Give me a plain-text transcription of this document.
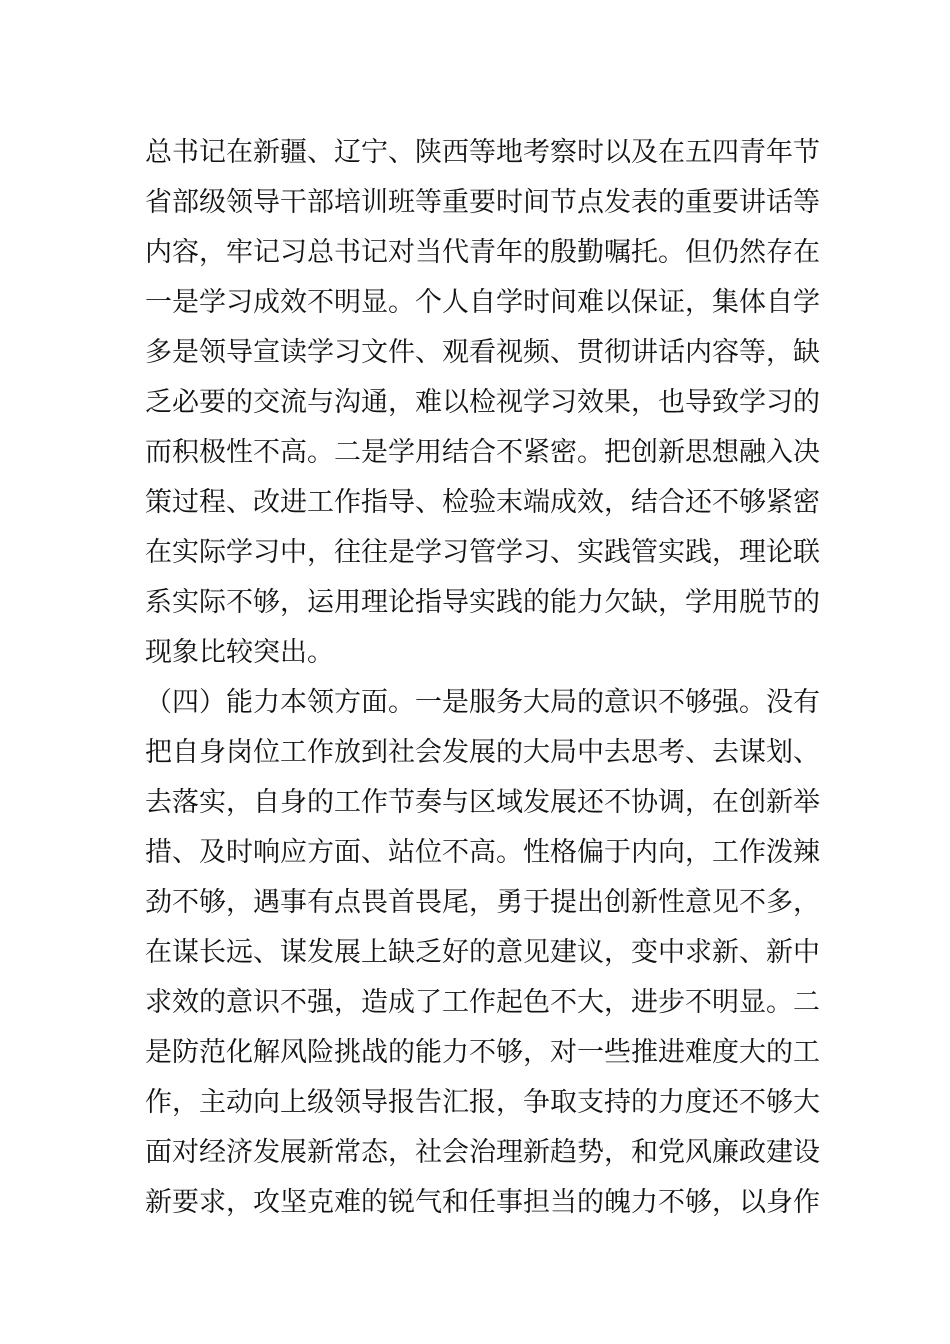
总书记在新疆、辽宁、陕西等地考察时以及在五四青年节
省部级领导干部培训班等重要时间节点发表的重要讲话等
内容，牢记习总书记对当代青年的殷勤嘱托。但仍然存在
一是学习成效不明显。个人自学时间难以保证，集体自学
多是领导宣读学习文件、观看视频、贯彻讲话内容等，缺
乏必要的交流与沟通，难以检视学习效果，也导致学习的
而积极性不高。二是学用结合不紧密。把创新思想融入决
策过程、改进工作指导、检验末端成效，结合还不够紧密
在实际学习中，往往是学习管学习、实践管实践，理论联
系实际不够，运用理论指导实践的能力欠缺，学用脱节的
现象比较突出。
（四）能力本领方面。一是服务大局的意识不够强。没有
把自身岗位工作放到社会发展的大局中去思考、去谋划、
去落实，自身的工作节奏与区域发展还不协调，在创新举
措、及时响应方面、站位不高。性格偏于内向，工作泼辣
劲不够，遇事有点畏首畏尾，勇于提出创新性意见不多，
在谋长远、谋发展上缺乏好的意见建议，变中求新、新中
求效的意识不强，造成了工作起色不大，进步不明显。二
是防范化解风险挑战的能力不够，对一些推进难度大的工
作，主动向上级领导报告汇报，争取支持的力度还不够大
面对经济发展新常态，社会治理新趋势，和党风廉政建设
新要求，攻坚克难的锐气和任事担当的魄力不够，以身作
